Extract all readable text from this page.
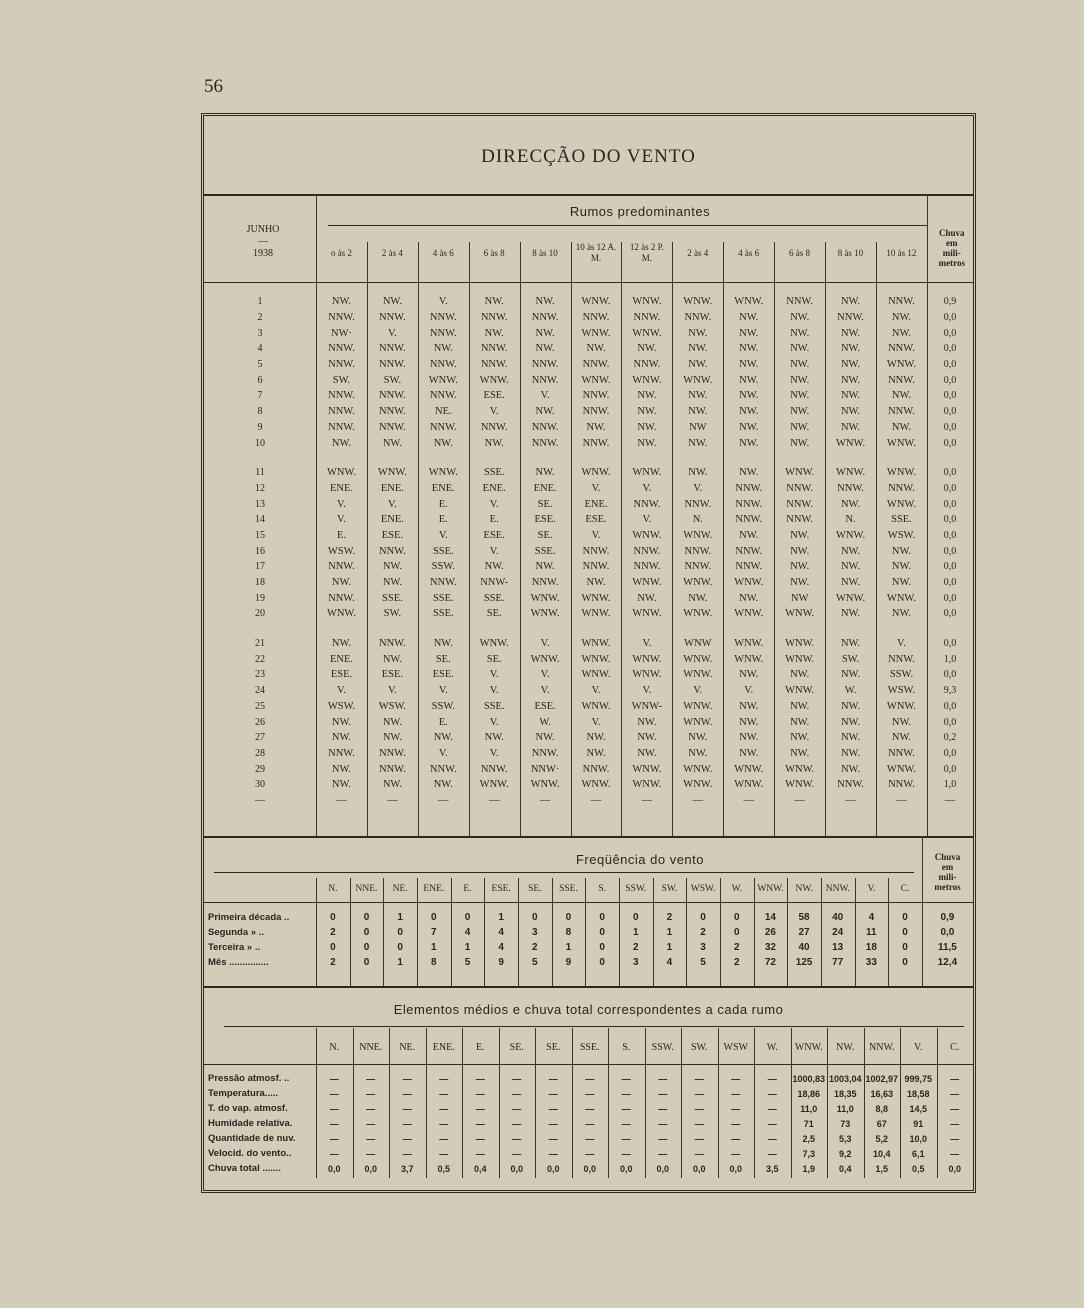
56
DIRECÇÃO DO VENTO
Rumos predominantes
JUNHO
—
1938
Chuva
em
mili-
metros
o às 2	2 às 4	4 às 6	6 às 8	8 às 10
10 às 12 A. M.
12 às 2 P. M.	2 às 4	4 às 6	6 às 8	8 às 10	10 às 12
1	NW.	NW.	V.	NW.	NW.	WNW.	WNW.	WNW.	WNW.	NNW.	NW.	NNW.	0,9
2	NNW.	NNW.	NNW.	NNW.	NNW.	NNW.	NNW.	NNW.	NW.	NW.	NNW.	NW.	0,0
3	NW·	V.	NNW.	NW.	NW.	WNW.	WNW.	NW.	NW.	NW.	NW.	NW.	0,0
4	NNW.	NNW.	NW.	NNW.	NW.	NW.	NW.	NW.	NW.	NW.	NW.	NNW.	0,0
5	NNW.	NNW.	NNW.	NNW.	NNW.	NNW.	NNW.	NW.	NW.	NW.	NW.	WNW.	0,0
6	SW.	SW.	WNW.	WNW.	NNW.	WNW.	WNW.	WNW.	NW.	NW.	NW.	NNW.	0,0
7	NNW.	NNW.	NNW.	ESE.	V.	NNW.	NW.	NW.	NW.	NW.	NW.	NW.	0,0
8	NNW.	NNW.	NE.	V.	NW.	NNW.	NW.	NW.	NW.	NW.	NW.	NNW.	0,0
9	NNW.	NNW.	NNW.	NNW.	NNW.	NW.	NW.	NW	NW.	NW.	NW.	NW.	0,0
10	NW.	NW.	NW.	NW.	NNW.	NNW.	NW.	NW.	NW.	NW.	WNW.	WNW.	0,0

11	WNW.	WNW.	WNW.	SSE.	NW.	WNW.	WNW.	NW.	NW.	WNW.	WNW.	WNW.	0,0
12	ENE.	ENE.	ENE.	ENE.	ENE.	V.	V.	V.	NNW.	NNW.	NNW.	NNW.	0,0
13	V.	V.	E.	V.	SE.	ENE.	NNW.	NNW.	NNW.	NNW.	NW.	WNW.	0,0
14	V.	ENE.	E.	E.	ESE.	ESE.	V.	N.	NNW.	NNW.	N.	SSE.	0,0
15	E.	ESE.	V.	ESE.	SE.	V.	WNW.	WNW.	NW.	NW.	WNW.	WSW.	0,0
16	WSW.	NNW.	SSE.	V.	SSE.	NNW.	NNW.	NNW.	NNW.	NW.	NW.	NW.	0,0
17	NNW.	NW.	SSW.	NW.	NW.	NNW.	NNW.	NNW.	NNW.	NW.	NW.	NW.	0,0
18	NW.	NW.	NNW.	NNW-	NNW.	NW.	WNW.	WNW.	WNW.	NW.	NW.	NW.	0,0
19	NNW.	SSE.	SSE.	SSE.	WNW.	WNW.	NW.	NW.	NW.	NW	WNW.	WNW.	0,0
20	WNW.	SW.	SSE.	SE.	WNW.	WNW.	WNW.	WNW.	WNW.	WNW.	NW.	NW.	0,0

21	NW.	NNW.	NW.	WNW.	V.	WNW.	V.	WNW	WNW.	WNW.	NW.	V.	0,0
22	ENE.	NW.	SE.	SE.	WNW.	WNW.	WNW.	WNW.	WNW.	WNW.	SW.	NNW.	1,0
23	ESE.	ESE.	ESE.	V.	V.	WNW.	WNW.	WNW.	NW.	NW.	NW.	SSW.	0,0
24	V.	V.	V.	V.	V.	V.	V.	V.	V.	WNW.	W.	WSW.	9,3
25	WSW.	WSW.	SSW.	SSE.	ESE.	WNW.	WNW-	WNW.	NW.	NW.	NW.	WNW.	0,0
26	NW.	NW.	E.	V.	W.	V.	NW.	WNW.	NW.	NW.	NW.	NW.	0,0
27	NW.	NW.	NW.	NW.	NW.	NW.	NW.	NW.	NW.	NW.	NW.	NW.	0,2
28	NNW.	NNW.	V.	V.	NNW.	NW.	NW.	NW.	NW.	NW.	NW.	NNW.	0,0
29	NW.	NNW.	NNW.	NNW.	NNW·	NNW.	WNW.	WNW.	WNW.	WNW.	NW.	WNW.	0,0
30	NW.	NW.	NW.	WNW.	WNW.	WNW.	WNW.	WNW.	WNW.	WNW.	NNW.	NNW.	1,0
—	—	—	—	—	—	—	—	—	—	—	—	—	—
Freqüência do vento	Chuva
em
mili-
metros
N.	NNE.	NE.	ENE.	E.	ESE.	SE.	SSE.	S.	SSW.	SW.	WSW.	W.	WNW.	NW.	NNW.	V.	C.
Primeira década ..	0	0	1	0	0	1	0	0	0	0	2	0	0	14	58	40	4	0	0,9
Segunda » ..	2	0	0	7	4	4	3	8	0	1	1	2	0	26	27	24	11	0	0,0
Terceira » ..	0	0	0	1	1	4	2	1	0	2	1	3	2	32	40	13	18	0	11,5
Mês ...............	2	0	1	8	5	9	5	9	0	3	4	5	2	72	125	77	33	0	12,4
Elementos médios e chuva total correspondentes a cada rumo
N.	NNE.	NE.	ENE.	E.	SE.	SE.	SSE.	S.	SSW.	SW.	WSW	W.	WNW.	NW.	NNW.	V.	C.
Pressão atmosf. ..	—	—	—	—	—	—	—	—	—	—	—	—	—	1000,83	1003,04	1002,97	999,75	—
Temperatura.....	—	—	—	—	—	—	—	—	—	—	—	—	—	18,86	18,35	16,63	18,58	—
T. do vap. atmosf.	—	—	—	—	—	—	—	—	—	—	—	—	—	11,0	11,0	8,8	14,5	—
Humidade relativa.	—	—	—	—	—	—	—	—	—	—	—	—	—	71	73	67	91	—
Quantidade de nuv.	—	—	—	—	—	—	—	—	—	—	—	—	—	2,5	5,3	5,2	10,0	—
Velocid. do vento..	—	—	—	—	—	—	—	—	—	—	—	—	—	7,3	9,2	10,4	6,1	—
Chuva total .......	0,0	0,0	3,7	0,5	0,4	0,0	0,0	0,0	0,0	0,0	0,0	0,0	3,5	1,9	0,4	1,5	0,5	0,0
